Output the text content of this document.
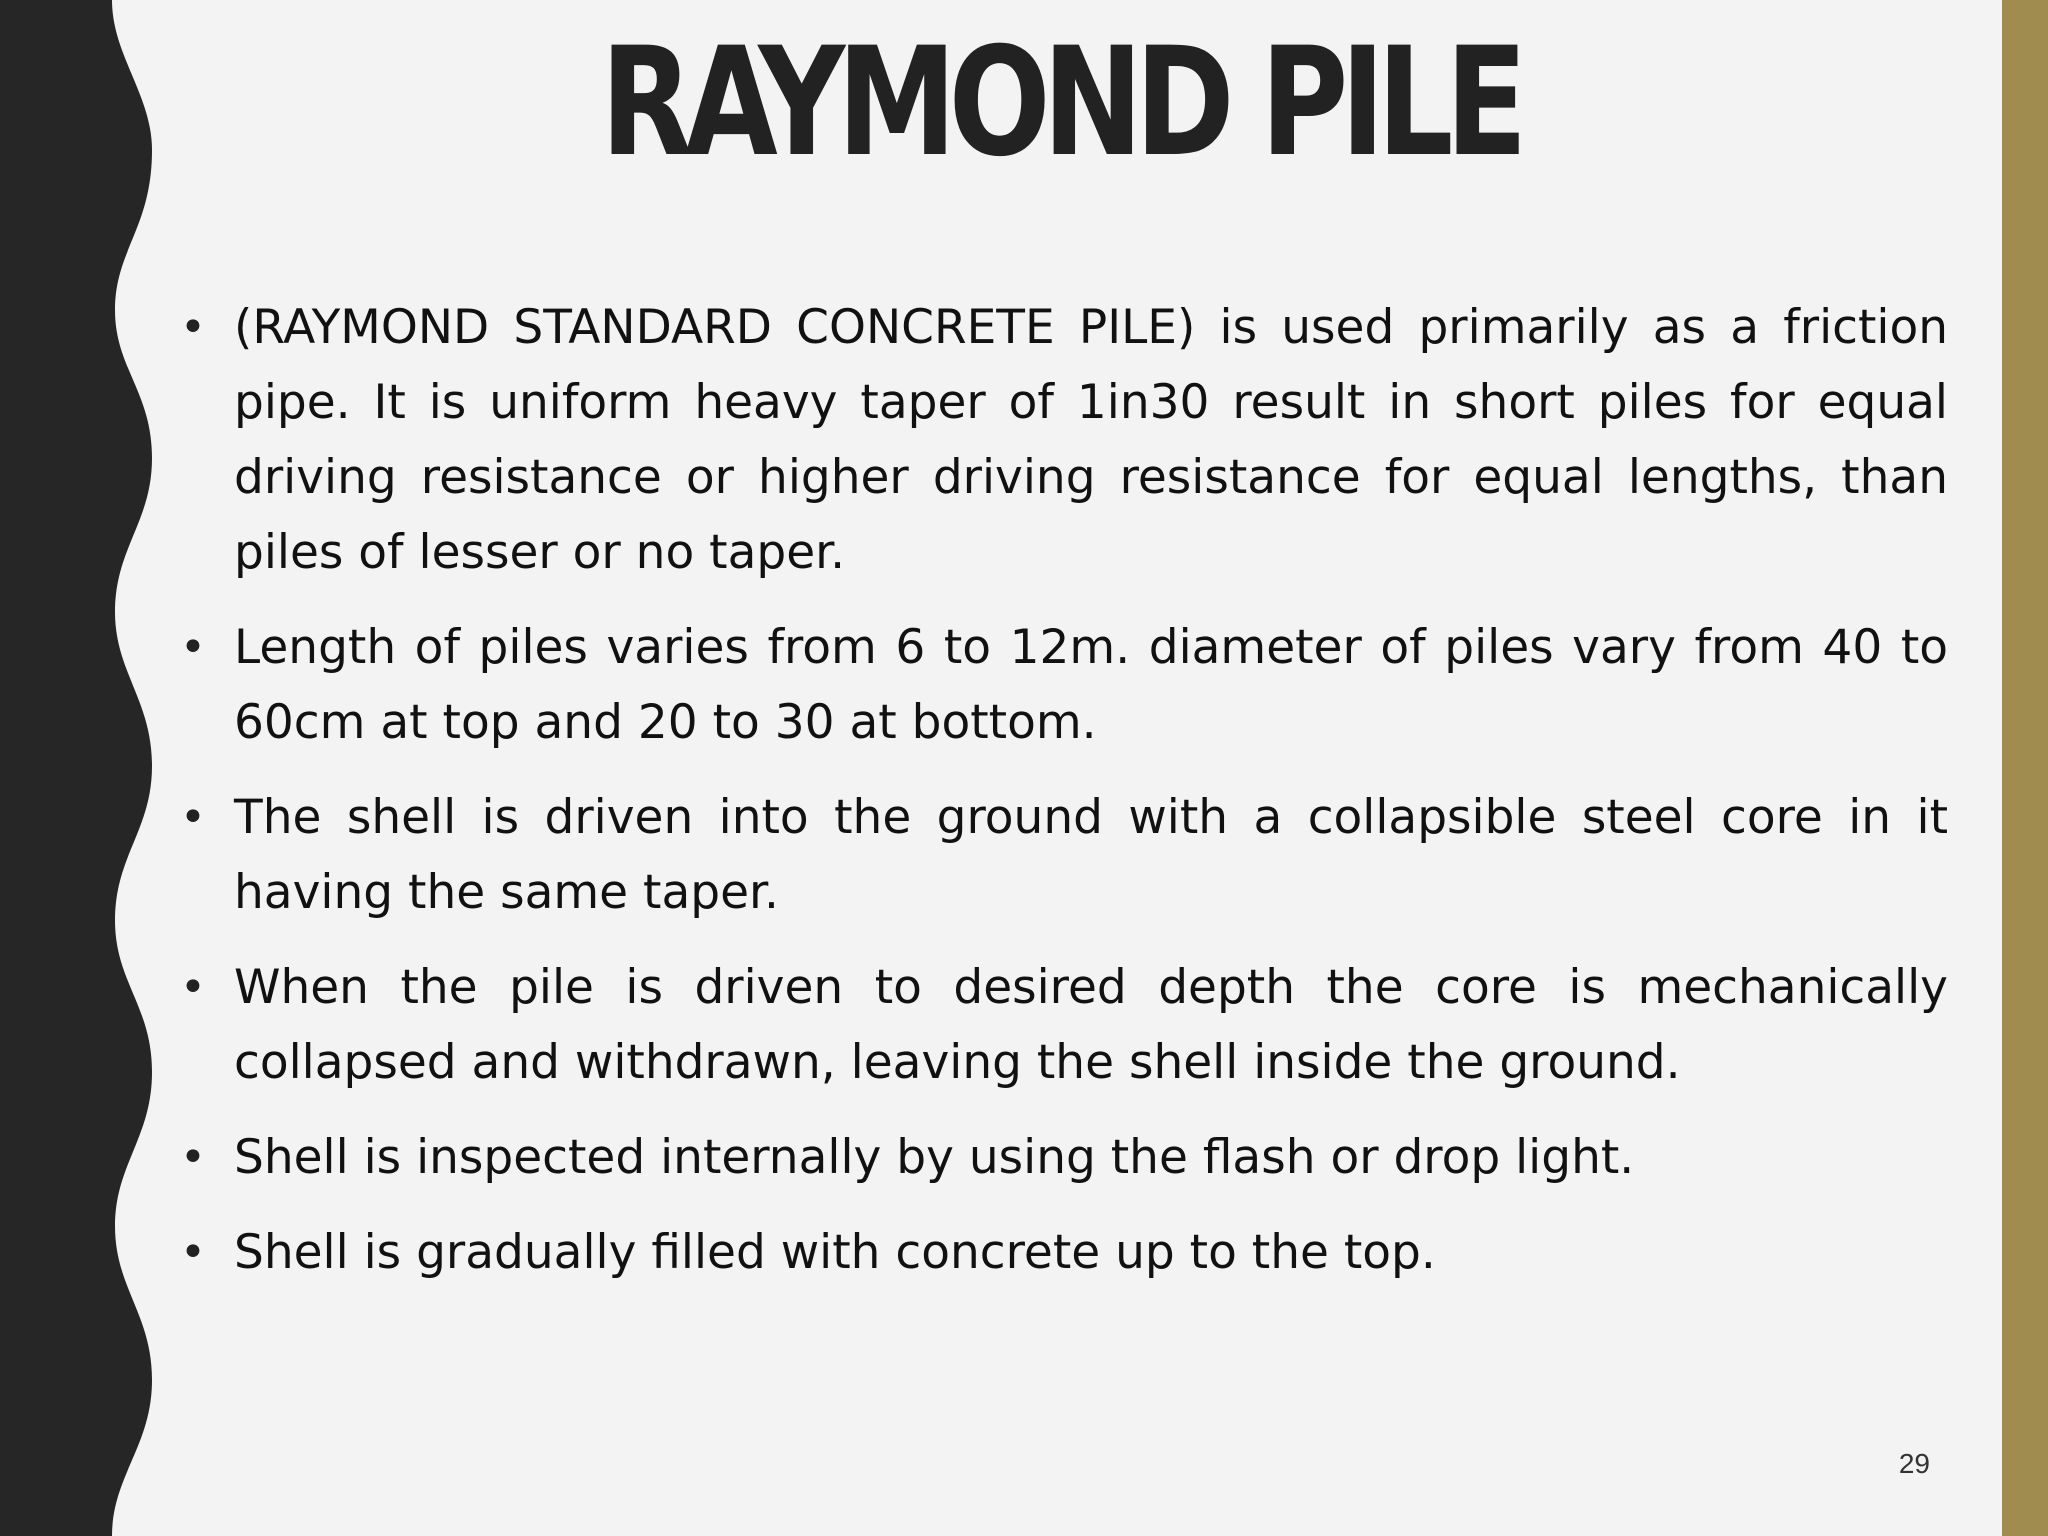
RAYMOND PILE
• (RAYMOND STANDARD CONCRETE PILE) is used primarily as a friction pipe. It is uniform heavy taper of 1in30 result in short piles for equal driving resistance or higher driving resistance for equal lengths, than piles of lesser or no taper.
• Length of piles varies from 6 to 12m. diameter of piles vary from 40 to 60cm at top and 20 to 30 at bottom.
• The shell is driven into the ground with a collapsible steel core in it having the same taper.
• When the pile is driven to desired depth the core is mechanically collapsed and withdrawn, leaving the shell inside the ground.
• Shell is inspected internally by using the flash or drop light.
• Shell is gradually filled with concrete up to the top.
29
